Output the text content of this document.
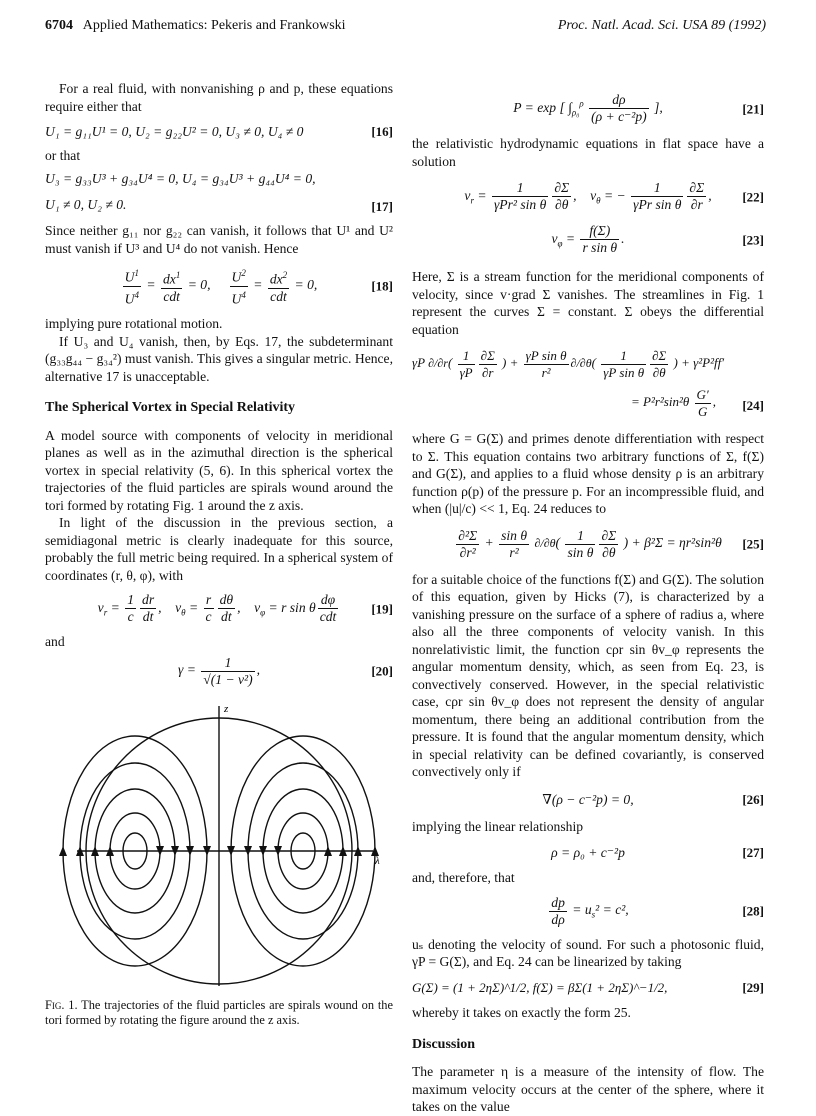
6704 Applied Mathematics: Pekeris and Frankowski	Proc. Natl. Acad. Sci. USA 89 (1992)

For a real fluid, with nonvanishing ρ and p, these equations require either that

U₁ = g₁₁U¹ = 0, U₂ = g₂₂U² = 0, U₃ ≠ 0, U₄ ≠ 0	[16]

or that

U₃ = g₃₃U³ + g₃₄U⁴ = 0, U₄ = g₃₄U³ + g₄₄U⁴ = 0,
U₁ ≠ 0, U₂ ≠ 0.	[17]

Since neither g₁₁ nor g₂₂ can vanish, it follows that U¹ and U² must vanish if U³ and U⁴ do not vanish. Hence

$\frac{U^1}{U^4} = \frac{dx^1}{\text{cdt}} = 0$, $\frac{U^2}{U^4} = \frac{dx^2}{\text{cdt}} = 0$,	[18]

implying pure rotational motion.

If U₃ and U₄ vanish, then, by Eqs. 17, the subdeterminant (g₃₃g₄₄ − g₃₄²) must vanish. This gives a singular metric. Hence, alternative 17 is unacceptable.

The Spherical Vortex in Special Relativity

A model source with components of velocity in meridional planes as well as in the azimuthal direction is the spherical vortex in special relativity (5, 6). In this spherical vortex the trajectories of the fluid particles are spirals wound around the tori formed by rotating Fig. 1 around the z axis.

In light of the discussion in the previous section, a semidiagonal metric is clearly inadequate for this source, probably the full metric being required. In a spherical system of coordinates (r, θ, φ), with

$v_r = \frac{1}{c} \frac{dr}{dt}$ ,    $v_\theta = \frac{r}{c} \frac{d\theta}{dt}$ ,    $v_\varphi = r$ sin θ $\frac{d\varphi}{\text{cdt}}$	[19]

and

$\gamma = \frac{1}{\text{√(1 − v²)}}$ ,	[20]
z
λ

Fig. 1. The trajectories of the fluid particles are spirals wound on the tori formed by rotating the figure around the z axis.

P = exp [ $\int_{\rho_0}^\rho \frac{d\rho}{\text{(ρ + c⁻²p)}}$ ],	[21]

the relativistic hydrodynamic equations in flat space have a solution

$v_r = \frac{1}{\text{γPr² sin θ}} \frac{\partial\Sigma}{\partial\theta}$ ,    $v_\theta$ = − $\frac{1}{\text{γPr sin θ}} \frac{\partial\Sigma}{\partial r}$ , [22]
$v_\varphi = \frac{f(\Sigma)}{\text{r sin θ}}$ .	[23]

Here, Σ is a stream function for the meridional components of velocity, since v·grad Σ vanishes. The streamlines in Fig. 1 represent the curves Σ = constant. Σ obeys the differential equation

γP $\partial/\partial r( \frac{1}{\gamma P} \frac{\partial\Sigma}{\partial r}$ ) + $\frac{\text{γP sin θ}}{\text{r²}} \partial/\partial\theta( \frac{1}{\text{γP sin θ}} \frac{\partial\Sigma}{\partial\theta}$ ) + γ²P²ff′
= $P^2r^2\sin^2\theta \frac{G'}{G}$ ,	[24]

where G = G(Σ) and primes denote differentiation with respect to Σ. This equation contains two arbitrary functions of Σ, f(Σ) and G(Σ), and applies to a fluid whose density ρ is an arbitrary function ρ(p) of the pressure p. For an incompressible fluid, and when (|u|/c) << 1, Eq. 24 reduces to

$\frac{\text{∂²Σ}}{\text{∂r²}} + \frac{\text{sin θ}}{\text{r²}} \partial/\partial\theta( \frac{1}{\text{sin θ}} \frac{\partial\Sigma}{\partial\theta}$ ) + β²Σ = ηr²sin²θ [25]

for a suitable choice of the functions f(Σ) and G(Σ). The solution of this equation, given by Hicks (7), is characterized by a vanishing pressure on the surface of a sphere of radius a, where also all the three components of velocity vanish. In this nonrelativistic limit, the function cρr sin θv_φ represents the angular momentum density, which, as seen from Eq. 23, is convectively conserved. However, in the special relativistic case, cρr sin θv_φ does not represent the density of angular momentum, there being an additional contribution from the pressure. It is found that the angular momentum density, which in special relativity can be defined covariantly, is conserved convectively only if

∇(ρ − c⁻²p) = 0,	[26]

implying the linear relationship

ρ = ρ₀ + c⁻²p	[27]

and, therefore, that

$\frac{dp}{d\rho} = u_s^2 = c^2$,	[28]

uₛ denoting the velocity of sound. For such a photosonic fluid, γP = G(Σ), and Eq. 24 can be linearized by taking

G(Σ) = (1 + 2ηΣ)^1/2, f(Σ) = βΣ(1 + 2ηΣ)^−1/2,	[29]

whereby it takes on exactly the form 25.

Discussion

The parameter η is a measure of the intensity of flow. The maximum velocity occurs at the center of the sphere, where it takes on the value
